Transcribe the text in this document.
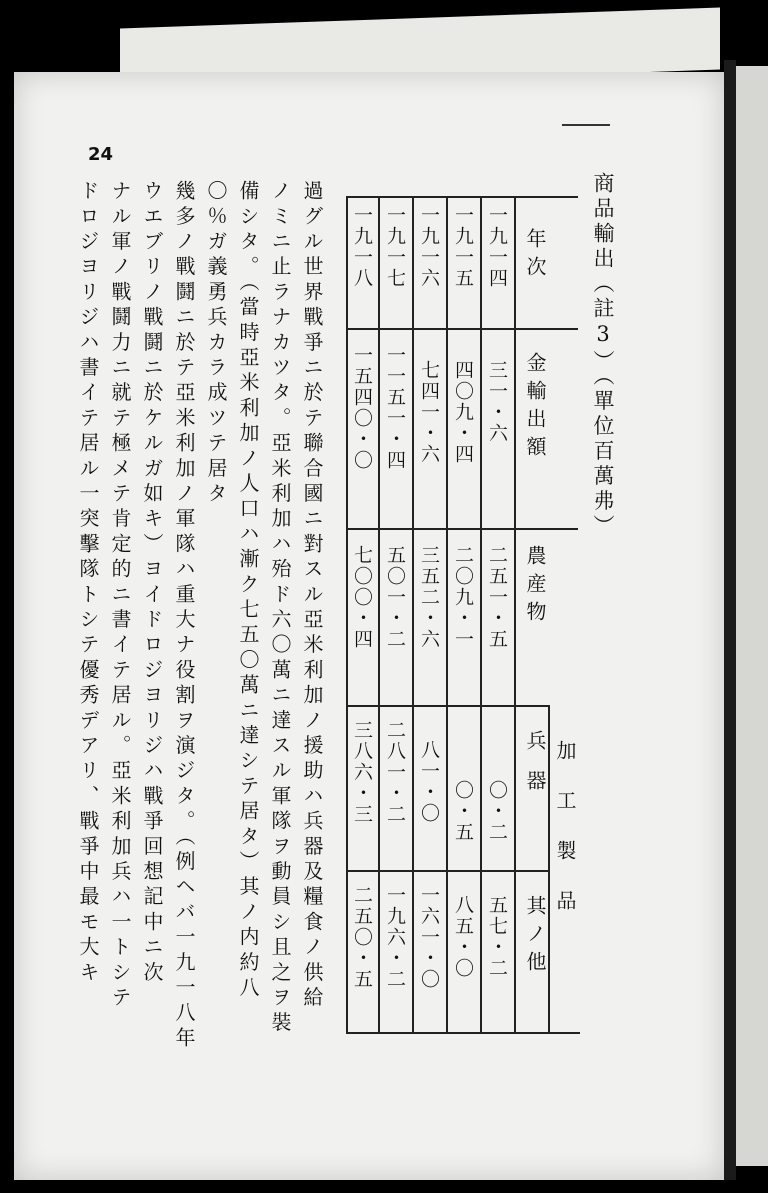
24
商品輸出（註3）（單位百萬弗）
年次
金輸出額
農産物
加工製品
兵器
其ノ他
一九一四
三一・六
二五一・五
〇・二
五七・二
一九一五
四〇九・四
二〇九・一
〇・五
八五・〇
一九一六
七四一・六
三五二・六
八一・〇
一六一・〇
一九一七
一一五一・四
五〇一・二
二八一・二
一九六・二
一九一八
一五四〇・〇
七〇〇・四
三八六・三
二五〇・五
過グル世界戰爭ニ於テ聯合國ニ對スル亞米利加ノ援助ハ兵器及糧食ノ供給
ノミニ止ラナカツタ。亞米利加ハ殆ド六〇萬ニ達スル軍隊ヲ動員シ且之ヲ裝
備シタ。（當時亞米利加ノ人口ハ漸ク七五〇萬ニ達シテ居タ）其ノ内約八
〇％ガ義勇兵カラ成ツテ居タ
幾多ノ戰鬪ニ於テ亞米利加ノ軍隊ハ重大ナ役割ヲ演ジタ。（例ヘバ一九一八年
ウエブリノ戰鬪ニ於ケルガ如キ）ヨイドロジヨリジハ戰爭回想記中ニ次
ナル軍ノ戰鬪力ニ就テ極メテ肯定的ニ書イテ居ル。亞米利加兵ハ一トシテ
ドロジヨリジハ書イテ居ル一突擊隊トシテ優秀デアリ、戰爭中最モ大キ
